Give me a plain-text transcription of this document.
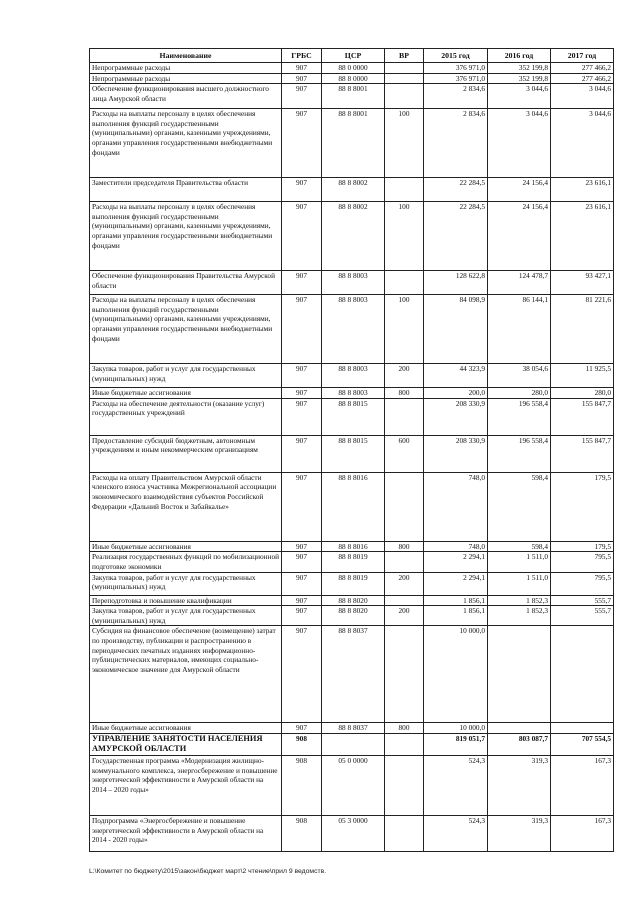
Наименование	ГРБС	ЦСР	ВР	2015 год	2016 год	2017 год
Непрограммные расходы	907	88 0 0000		376 971,0	352 199,8	277 466,2
Непрограммные расходы	907	88 8 0000		376 971,0	352 199,8	277 466,2
Обеспечение функционирования высшего должностного лица Амурской области	907	88 8 8001		2 834,6	3 044,6	3 044,6
Расходы на выплаты персоналу в целях обеспечения выполнения функций государственными (муниципальными) органами, казенными учреждениями, органами управления государственными внебюджетными фондами	907	88 8 8001	100	2 834,6	3 044,6	3 044,6
Заместители председателя Правительства области	907	88 8 8002		22 284,5	24 156,4	23 616,1
Расходы на выплаты персоналу в целях обеспечения выполнения функций государственными (муниципальными) органами, казенными учреждениями, органами управления государственными внебюджетными фондами	907	88 8 8002	100	22 284,5	24 156,4	23 616,1
Обеспечение функционирования Правительства Амурской области	907	88 8 8003		128 622,8	124 478,7	93 427,1
Расходы на выплаты персоналу в целях обеспечения выполнения функций государственными (муниципальными) органами, казенными учреждениями, органами управления государственными внебюджетными фондами	907	88 8 8003	100	84 098,9	86 144,1	81 221,6
Закупка товаров, работ и услуг для государственных (муниципальных) нужд	907	88 8 8003	200	44 323,9	38 054,6	11 925,5
Иные бюджетные ассигнования	907	88 8 8003	800	200,0	280,0	280,0
Расходы на обеспечение деятельности (оказание услуг) государственных учреждений	907	88 8 8015		208 330,9	196 558,4	155 847,7
Предоставление субсидий бюджетным, автономным учреждениям и иным некоммерческим организациям	907	88 8 8015	600	208 330,9	196 558,4	155 847,7
Расходы на оплату Правительством Амурской области членского взноса участника Межрегиональной ассоциации экономического взаимодействия субъектов Российской Федерации «Дальний Восток и Забайкалье»	907	88 8 8016		748,0	598,4	179,5
Иные бюджетные ассигнования	907	88 8 8016	800	748,0	598,4	179,5
Реализация государственных функций по мобилизационной подготовке экономики	907	88 8 8019		2 294,1	1 511,0	795,5
Закупка товаров, работ и услуг для государственных (муниципальных) нужд	907	88 8 8019	200	2 294,1	1 511,0	795,5
Переподготовка и повышение квалификации	907	88 8 8020		1 856,1	1 852,3	555,7
Закупка товаров, работ и услуг для государственных (муниципальных) нужд	907	88 8 8020	200	1 856,1	1 852,3	555,7
Субсидия на финансовое обеспечение (возмещение) затрат по производству, публикации и распространению в периодических печатных изданиях информационно-публицистических материалов, имеющих социально-экономическое значение для Амурской области	907	88 8 8037		10 000,0		
Иные бюджетные ассигнования	907	88 8 8037	800	10 000,0		
УПРАВЛЕНИЕ ЗАНЯТОСТИ НАСЕЛЕНИЯ АМУРСКОЙ ОБЛАСТИ	908			819 051,7	803 087,7	707 554,5
Государственная программа «Модернизация жилищно-коммунального комплекса, энергосбережение и повышение энергетической эффективности в Амурской области на 2014 – 2020 годы»	908	05 0 0000		524,3	319,3	167,3
Подпрограмма «Энергосбережение и повышение энергетической эффективности в Амурской области на 2014 - 2020 годы»	908	05 3 0000		524,3	319,3	167,3
L:\Комитет по бюджету\2015\закон\бюджет март\2 чтение\прил 9 ведомств.
